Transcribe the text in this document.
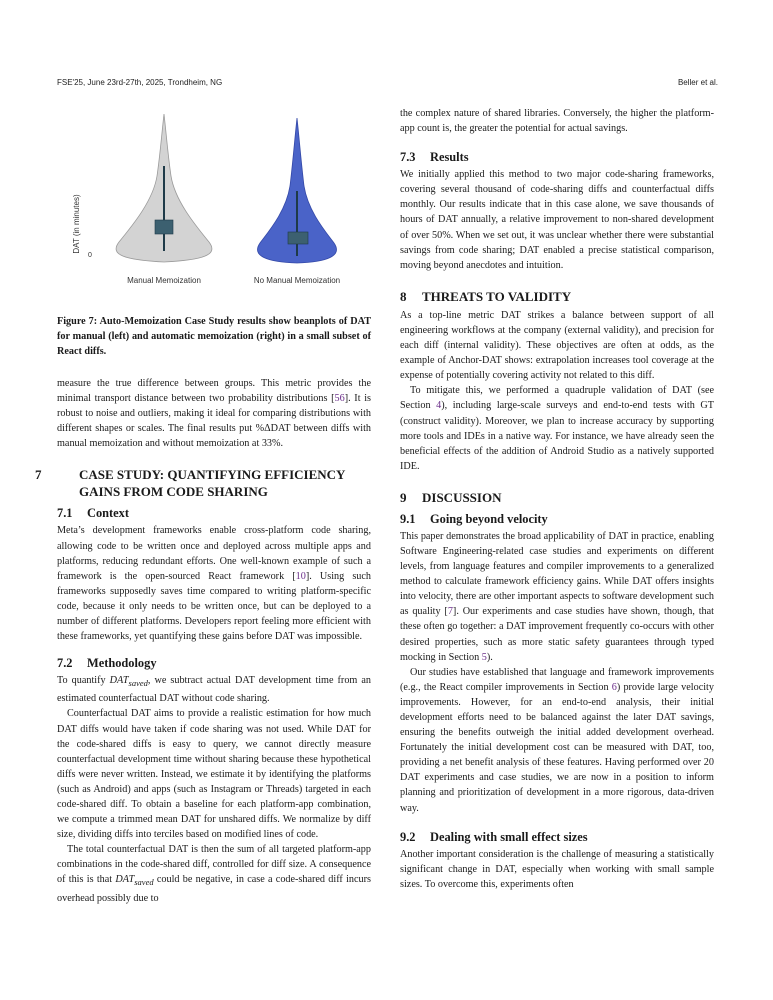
FSE'25, June 23rd-27th, 2025, Trondheim, NG	Beller et al.
DAT (in minutes)
0
Manual Memoization	No Manual Memoization
Figure 7: Auto-Memoization Case Study results show beanplots of DAT for manual (left) and automatic memoization (right) in a small subset of React diffs.

measure the true difference between groups. This metric provides the minimal transport distance between two probability distributions [56]. It is robust to noise and outliers, making it ideal for comparing distributions with different shapes or scales. The final results put %ΔDAT between diffs with manual memoization and without memoization at 33%.

7	CASE STUDY: QUANTIFYING EFFICIENCY GAINS FROM CODE SHARING
7.1 Context

Meta’s development frameworks enable cross-platform code sharing, allowing code to be written once and deployed across multiple apps and platforms, reducing redundant efforts. One well-known example of such a framework is the open-sourced React framework [10]. Using such frameworks supposedly saves time compared to writing platform-specific code, because it only needs to be written once, but can be deployed to a number of different platforms. Developers report feeling more efficient with these frameworks, yet quantifying these gains before DAT was impossible.

7.2 Methodology

To quantify $DAT_{saved}$, we subtract actual DAT development time from an estimated counterfactual DAT without code sharing.

Counterfactual DAT aims to provide a realistic estimation for how much DAT diffs would have taken if code sharing was not used. While DAT for the code-shared diffs is easy to query, we cannot directly measure counterfactual development time without sharing because these hypothetical diffs were never written. Instead, we estimate it by identifying the platforms (such as Android) and apps (such as Instagram or Threads) targeted in each code-shared diff. To obtain a baseline for each platform-app combination, we compute a trimmed mean DAT for unshared diffs. We normalize by diff size, dividing diffs into terciles based on modified lines of code.

The total counterfactual DAT is then the sum of all targeted platform-app combinations in the code-shared diff, controlled for diff size. A consequence of this is that $DAT_{saved}$ could be negative, in case a code-shared diff incurs overhead possibly due to

the complex nature of shared libraries. Conversely, the higher the platform-app count is, the greater the potential for actual savings.

7.3 Results

We initially applied this method to two major code-sharing frameworks, covering several thousand of code-sharing diffs and counterfactual diffs monthly. Our results indicate that in this case alone, we save thousands of hours of DAT annually, a relative improvement to non-shared development of over 50%. When we set out, it was unclear whether there were substantial savings from code sharing; DAT enabled a precise statistical comparison, moving beyond anecdotes and intuition.

8 THREATS TO VALIDITY

As a top-line metric DAT strikes a balance between support of all engineering workflows at the company (external validity), and precision for each diff (internal validity). These objectives are often at odds, as the example of Anchor-DAT shows: extrapolation increases tool coverage at the expense of potentially covering activity not related to this diff.

To mitigate this, we performed a quadruple validation of DAT (see Section 4), including large-scale surveys and end-to-end tests with GT (construct validity). Moreover, we plan to increase accuracy by supporting more tools and IDEs in a native way. For instance, we have already seen the beneficial effects of the addition of Android Studio as a natively supported IDE.

9 DISCUSSION
9.1 Going beyond velocity

This paper demonstrates the broad applicability of DAT in practice, enabling Software Engineering-related case studies and experiments on different levels, from language features and compiler improvements to a generalized method to calculate framework efficiency gains. While DAT offers insights into velocity, there are other important aspects to software development such as quality [7]. Our experiments and case studies have shown, though, that these often go together: a DAT improvement frequently co-occurs with other desired properties, such as more static safety guarantees through typed mocking in Section 5).

Our studies have established that language and framework improvements (e.g., the React compiler improvements in Section 6) provide large velocity improvements. However, for an end-to-end analysis, their initial development efforts need to be balanced against the later DAT savings, ensuring the benefits outweigh the initial added development overhead. Fortunately the initial development cost can be measured with DAT, too, providing a net benefit analysis of these features. Having performed over 20 DAT experiments and case studies, we are now in a position to inform planning and prioritization of development in a more rigorous, data-driven way.

9.2 Dealing with small effect sizes

Another important consideration is the challenge of measuring a statistically significant change in DAT, especially when working with small sample sizes. To overcome this, experiments often
